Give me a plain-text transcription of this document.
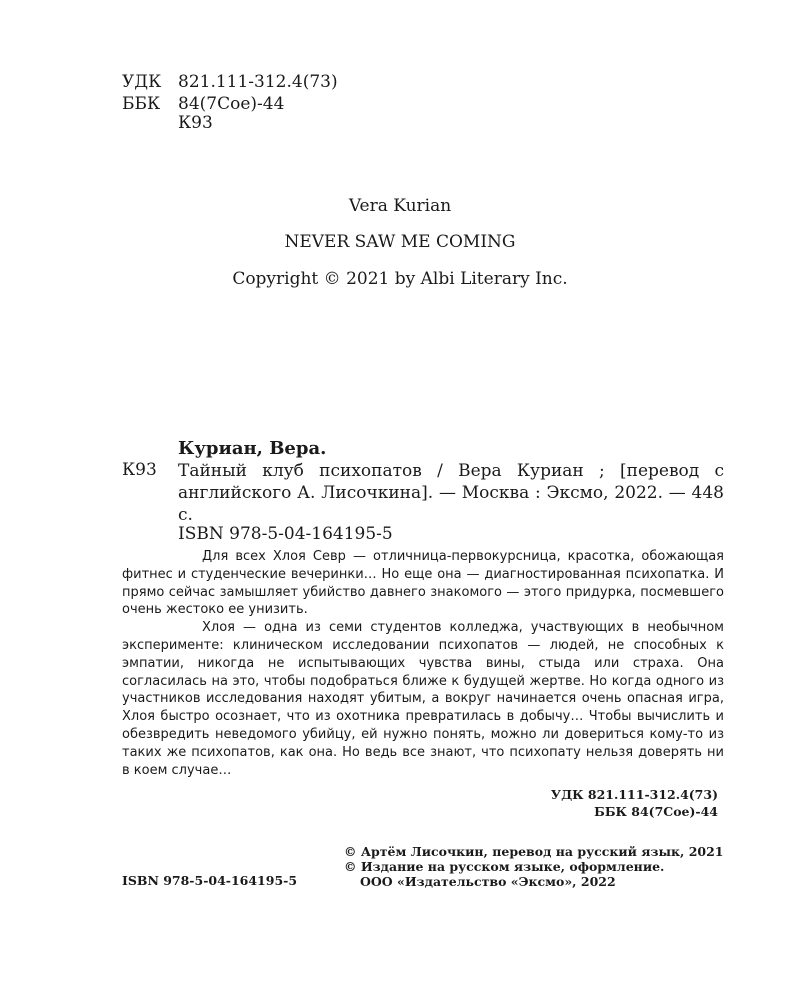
УДК 821.111-312.4(73)
ББК 84(7Сое)-44
К93
Vera Kurian
NEVER SAW ME COMING
Copyright © 2021 by Albi Literary Inc.
Куриан, Вера.
К93 Тайный клуб психопатов / Вера Куриан ; [перевод с английского А. Лисочкина]. — Москва : Эксмо, 2022. — 448 с.
ISBN 978-5-04-164195-5

Для всех Хлоя Севр — отличница-первокурсница, красотка, обожающая фитнес и студенческие вечеринки… Но еще она — диагностированная психопатка. И прямо сейчас замышляет убийство давнего знакомого — этого придурка, посмевшего очень жестоко ее унизить.

Хлоя — одна из семи студентов колледжа, участвующих в необычном эксперименте: клиническом исследовании психопатов — людей, не способных к эмпатии, никогда не испытывающих чувства вины, стыда или страха. Она согласилась на это, чтобы подобраться ближе к будущей жертве. Но когда одного из участников исследования находят убитым, а вокруг начинается очень опасная игра, Хлоя быстро осознает, что из охотника превратилась в добычу… Чтобы вычислить и обезвредить неведомого убийцу, ей нужно понять, можно ли довериться кому-то из таких же психопатов, как она. Но ведь все знают, что психопату нельзя доверять ни в коем случае…

УДК 821.111-312.4(73)
ББК 84(7Сое)-44
© Артём Лисочкин, перевод на русский язык, 2021
© Издание на русском языке, оформление.
ООО «Издательство «Эксмо», 2022
ISBN 978-5-04-164195-5
